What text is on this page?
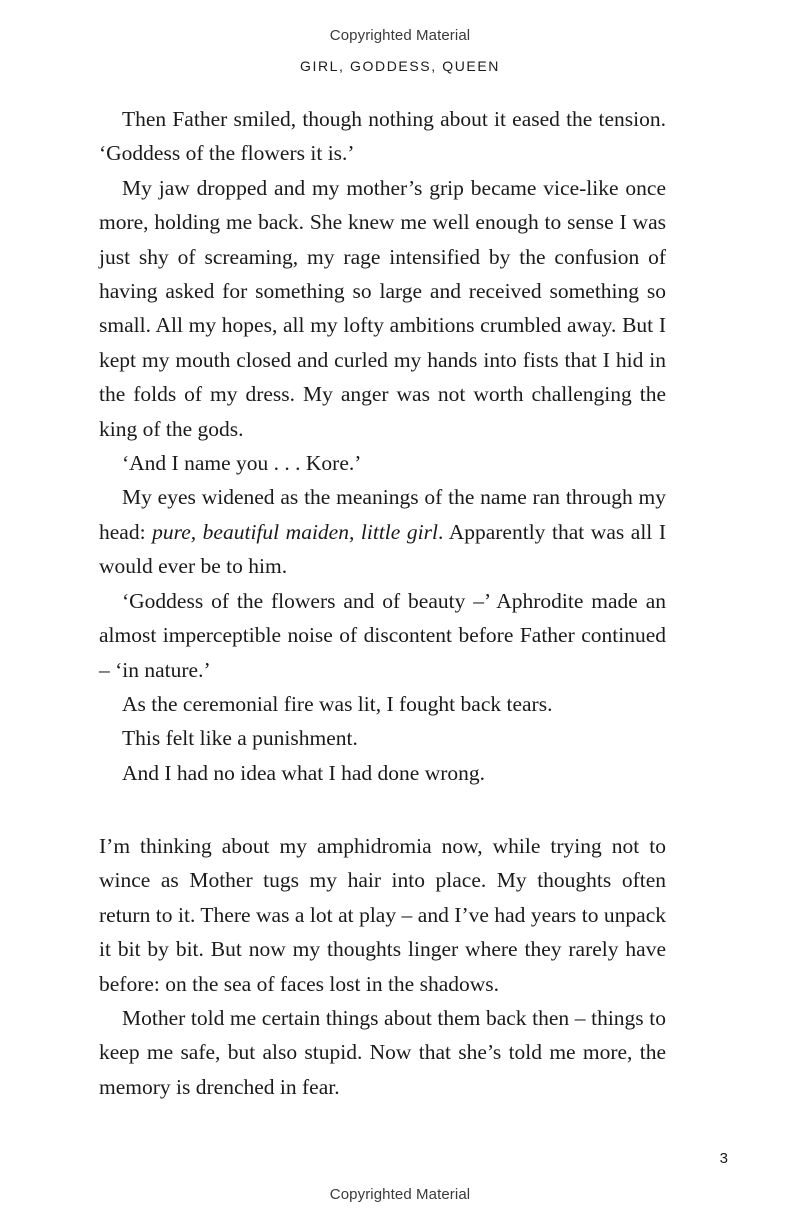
Copyrighted Material
GIRL, GODDESS, QUEEN

Then Father smiled, though nothing about it eased the tension. ‘Goddess of the flowers it is.’

My jaw dropped and my mother’s grip became vice-like once more, holding me back. She knew me well enough to sense I was just shy of screaming, my rage intensified by the confusion of having asked for something so large and received something so small. All my hopes, all my lofty ambitions crumbled away. But I kept my mouth closed and curled my hands into fists that I hid in the folds of my dress. My anger was not worth challenging the king of the gods.

‘And I name you . . . Kore.’

My eyes widened as the meanings of the name ran through my head: pure, beautiful maiden, little girl. Apparently that was all I would ever be to him.

‘Goddess of the flowers and of beauty –’ Aphrodite made an almost imperceptible noise of discontent before Father continued – ‘in nature.’

As the ceremonial fire was lit, I fought back tears.

This felt like a punishment.

And I had no idea what I had done wrong.

I’m thinking about my amphidromia now, while trying not to wince as Mother tugs my hair into place. My thoughts often return to it. There was a lot at play – and I’ve had years to unpack it bit by bit. But now my thoughts linger where they rarely have before: on the sea of faces lost in the shadows.

Mother told me certain things about them back then – things to keep me safe, but also stupid. Now that she’s told me more, the memory is drenched in fear.

3
Copyrighted Material
